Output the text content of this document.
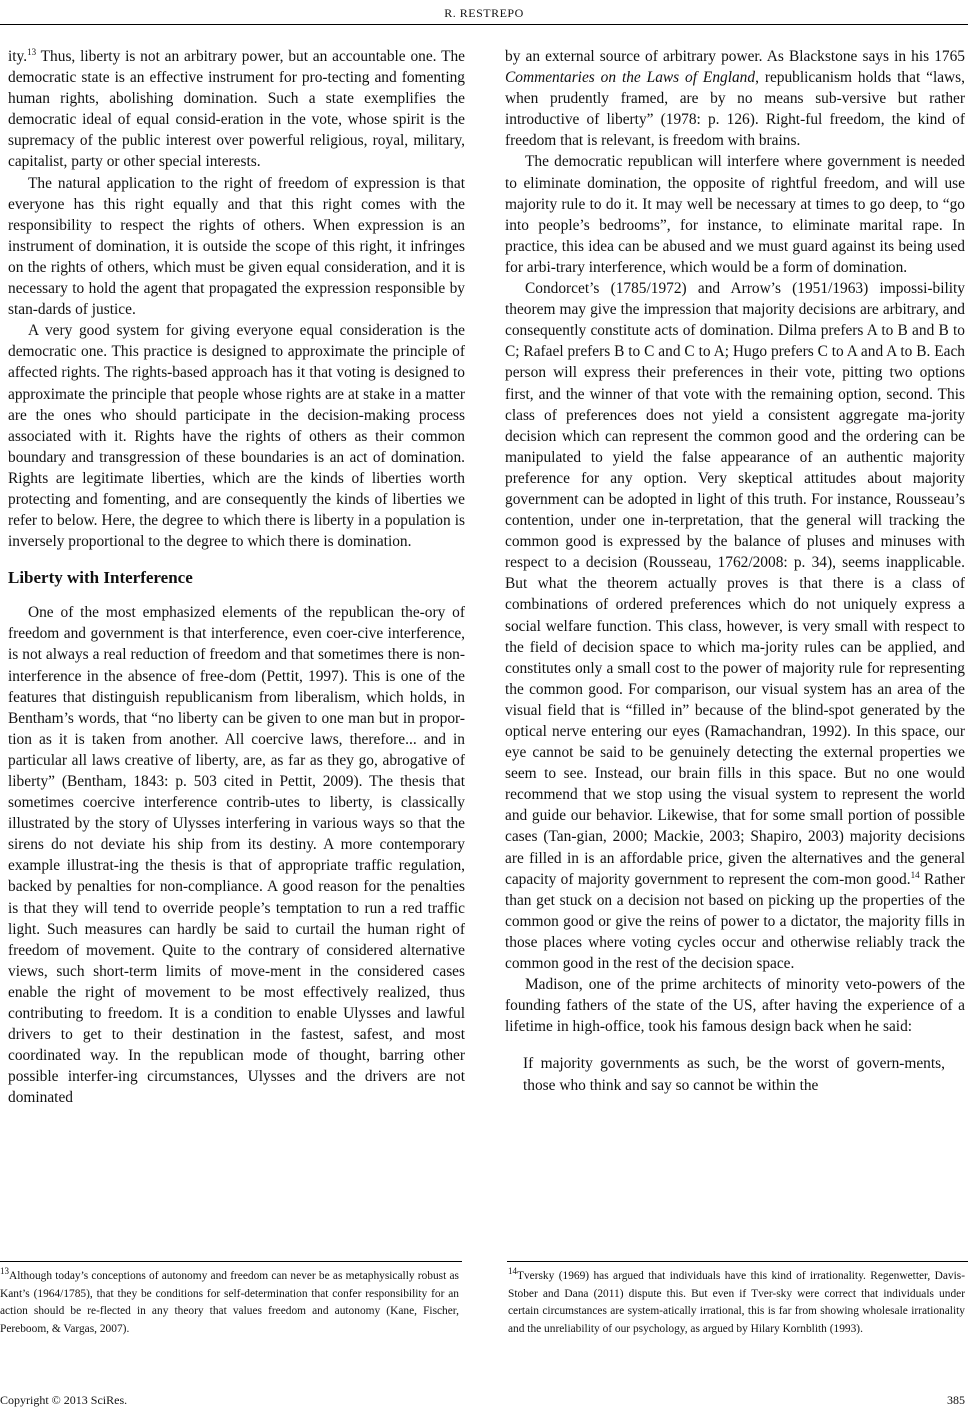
R. RESTREPO

ity.$^{13}$ Thus, liberty is not an arbitrary power, but an accountable one. The democratic state is an effective instrument for pro-tecting and fomenting human rights, abolishing domination. Such a state exemplifies the democratic ideal of equal consid-eration in the vote, whose spirit is the supremacy of the public interest over powerful religious, royal, military, capitalist, party or other special interests.

The natural application to the right of freedom of expression is that everyone has this right equally and that this right comes with the responsibility to respect the rights of others. When expression is an instrument of domination, it is outside the scope of this right, it infringes on the rights of others, which must be given equal consideration, and it is necessary to hold the agent that propagated the expression responsible by stan-dards of justice.

A very good system for giving everyone equal consideration is the democratic one. This practice is designed to approximate the principle of affected rights. The rights-based approach has it that voting is designed to approximate the principle that people whose rights are at stake in a matter are the ones who should participate in the decision-making process associated with it. Rights have the rights of others as their common boundary and transgression of these boundaries is an act of domination. Rights are legitimate liberties, which are the kinds of liberties worth protecting and fomenting, and are consequently the kinds of liberties we refer to below. Here, the degree to which there is liberty in a population is inversely proportional to the degree to which there is domination.

Liberty with Interference

One of the most emphasized elements of the republican the-ory of freedom and government is that interference, even coer-cive interference, is not always a real reduction of freedom and that sometimes there is non-interference in the absence of free-dom (Pettit, 1997). This is one of the features that distinguish republicanism from liberalism, which holds, in Bentham’s words, that “no liberty can be given to one man but in propor-tion as it is taken from another. All coercive laws, therefore... and in particular all laws creative of liberty, are, as far as they go, abrogative of liberty” (Bentham, 1843: p. 503 cited in Pettit, 2009). The thesis that sometimes coercive interference contrib-utes to liberty, is classically illustrated by the story of Ulysses interfering in various ways so that the sirens do not deviate his ship from its destiny. A more contemporary example illustrat-ing the thesis is that of appropriate traffic regulation, backed by penalties for non-compliance. A good reason for the penalties is that they will tend to override people’s temptation to run a red traffic light. Such measures can hardly be said to curtail the human right of freedom of movement. Quite to the contrary of considered alternative views, such short-term limits of move-ment in the considered cases enable the right of movement to be most effectively realized, thus contributing to freedom. It is a condition to enable Ulysses and lawful drivers to get to their destination in the fastest, safest, and most coordinated way. In the republican mode of thought, barring other possible interfer-ing circumstances, Ulysses and the drivers are not dominated

by an external source of arbitrary power. As Blackstone says in his 1765 Commentaries on the Laws of England, republicanism holds that “laws, when prudently framed, are by no means sub-versive but rather introductive of liberty” (1978: p. 126). Right-ful freedom, the kind of freedom that is relevant, is freedom with brains.

The democratic republican will interfere where government is needed to eliminate domination, the opposite of rightful freedom, and will use majority rule to do it. It may well be necessary at times to go deep, to “go into people’s bedrooms”, for instance, to eliminate marital rape. In practice, this idea can be abused and we must guard against its being used for arbi-trary interference, which would be a form of domination.

Condorcet’s (1785/1972) and Arrow’s (1951/1963) impossi-bility theorem may give the impression that majority decisions are arbitrary, and consequently constitute acts of domination. Dilma prefers A to B and B to C; Rafael prefers B to C and C to A; Hugo prefers C to A and A to B. Each person will express their preferences in their vote, pitting two options first, and the winner of that vote with the remaining option, second. This class of preferences does not yield a consistent aggregate ma-jority decision which can represent the common good and the ordering can be manipulated to yield the false appearance of an authentic majority preference for any option. Very skeptical attitudes about majority government can be adopted in light of this truth. For instance, Rousseau’s contention, under one in-terpretation, that the general will tracking the common good is expressed by the balance of pluses and minuses with respect to a decision (Rousseau, 1762/2008: p. 34), seems inapplicable. But what the theorem actually proves is that there is a class of combinations of ordered preferences which do not uniquely express a social welfare function. This class, however, is very small with respect to the field of decision space to which ma-jority rules can be applied, and constitutes only a small cost to the power of majority rule for representing the common good. For comparison, our visual system has an area of the visual field that is “filled in” because of the blind-spot generated by the optical nerve entering our eyes (Ramachandran, 1992). In this space, our eye cannot be said to be genuinely detecting the external properties we seem to see. Instead, our brain fills in this space. But no one would recommend that we stop using the visual system to represent the world and guide our behavior. Likewise, that for some small portion of possible cases (Tan-gian, 2000; Mackie, 2003; Shapiro, 2003) majority decisions are filled in is an affordable price, given the alternatives and the general capacity of majority government to represent the com-mon good.$^{14}$ Rather than get stuck on a decision not based on picking up the properties of the common good or give the reins of power to a dictator, the majority fills in those places where voting cycles occur and otherwise reliably track the common good in the rest of the decision space.

Madison, one of the prime architects of minority veto-powers of the founding fathers of the state of the US, after having the experience of a lifetime in high-office, took his famous design back when he said:

If majority governments as such, be the worst of govern-ments, those who think and say so cannot be within the
$^{13}$Although today’s conceptions of autonomy and freedom can never be as metaphysically robust as Kant’s (1964/1785), that they be conditions for self-determination that confer responsibility for an action should be re-flected in any theory that values freedom and autonomy (Kane, Fischer, Pereboom, & Vargas, 2007).
$^{14}$Tversky (1969) has argued that individuals have this kind of irrationality. Regenwetter, Davis-Stober and Dana (2011) dispute this. But even if Tver-sky were correct that individuals under certain circumstances are system-atically irrational, this is far from showing wholesale irrationality and the unreliability of our psychology, as argued by Hilary Kornblith (1993).
Copyright © 2013 SciRes.	385
